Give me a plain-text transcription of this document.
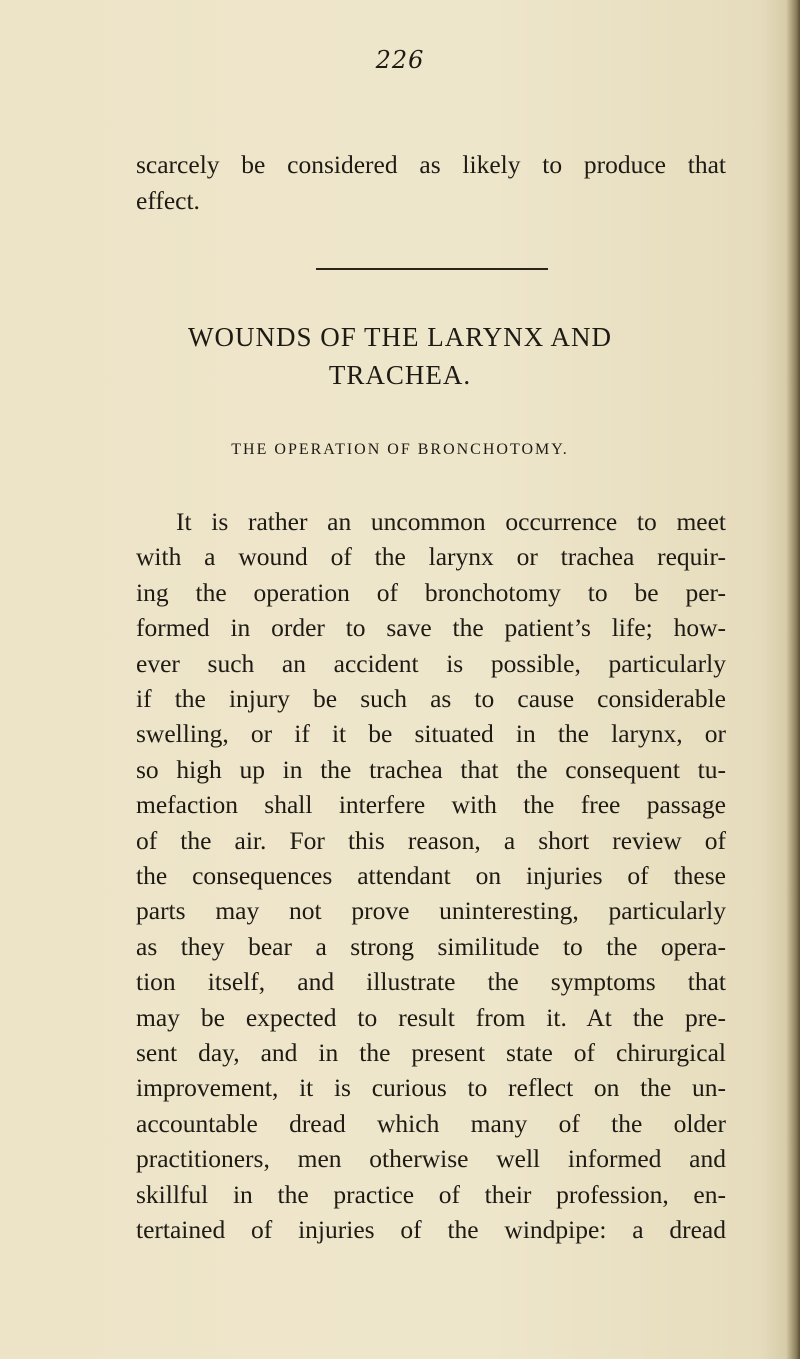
226
scarcely be considered as likely to produce that
effect.
WOUNDS OF THE LARYNX AND
TRACHEA.
THE OPERATION OF BRONCHOTOMY.
It is rather an uncommon occurrence to meet
with a wound of the larynx or trachea requir-
ing the operation of bronchotomy to be per-
formed in order to save the patient’s life; how-
ever such an accident is possible, particularly
if the injury be such as to cause considerable
swelling, or if it be situated in the larynx, or
so high up in the trachea that the consequent tu-
mefaction shall interfere with the free passage
of the air. For this reason, a short review of
the consequences attendant on injuries of these
parts may not prove uninteresting, particularly
as they bear a strong similitude to the opera-
tion itself, and illustrate the symptoms that
may be expected to result from it. At the pre-
sent day, and in the present state of chirurgical
improvement, it is curious to reflect on the un-
accountable dread which many of the older
practitioners, men otherwise well informed and
skillful in the practice of their profession, en-
tertained of injuries of the windpipe: a dread
